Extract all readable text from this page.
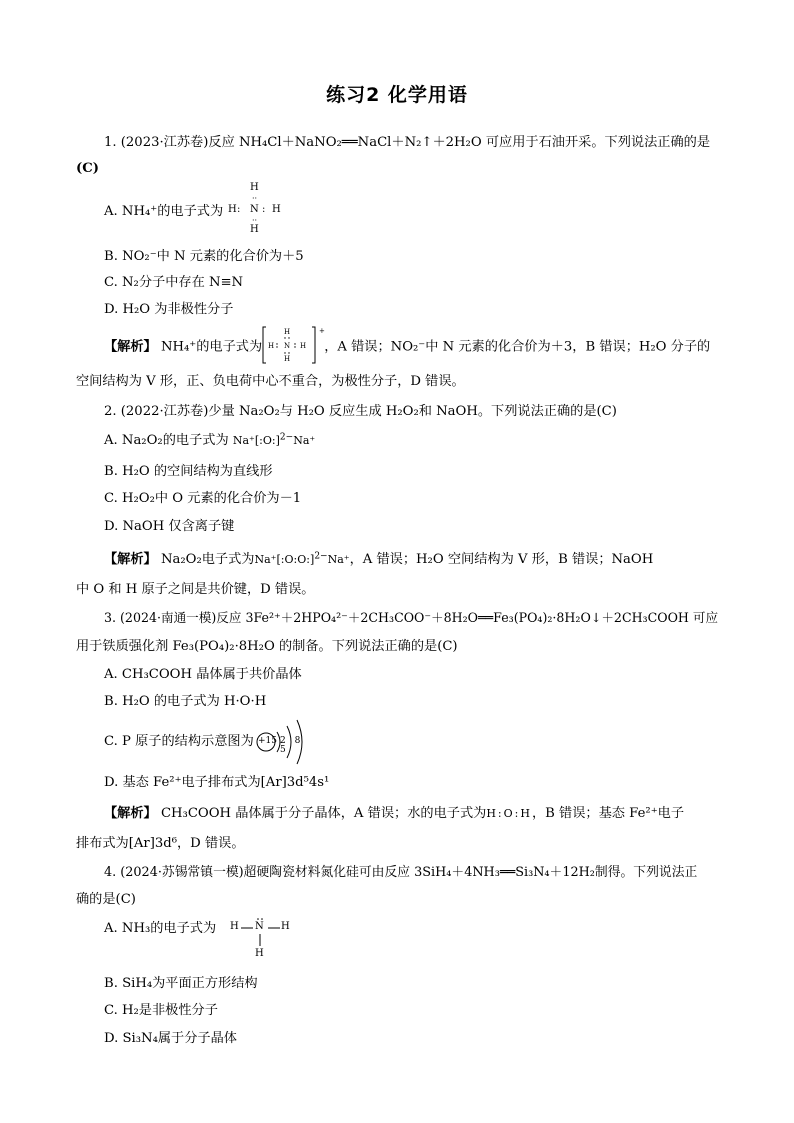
练习2 化学用语
1. (2023·江苏卷)反应 NH₄Cl＋NaNO₂══NaCl＋N₂↑＋2H₂O 可应用于石油开采。下列说法正确的是
(C)
A. NH₄⁺的电子式为
H
H : N : H
H
··
··
B. NO₂⁻中 N 元素的化合价为＋5
C. N₂分子中存在 N≡N
D. H₂O 为非极性分子
【解析】 NH₄⁺的电子式为
+
H
H N H
H
，A 错误；NO₂⁻中 N 元素的化合价为＋3，B 错误；H₂O 分子的
空间结构为 V 形，正、负电荷中心不重合，为极性分子，D 错误。
2. (2022·江苏卷)少量 Na₂O₂与 H₂O 反应生成 H₂O₂和 NaOH。下列说法正确的是(C)
A. Na₂O₂的电子式为 Na⁺[:O:]$^{2-}$Na⁺
B. H₂O 的空间结构为直线形
C. H₂O₂中 O 元素的化合价为－1
D. NaOH 仅含离子键
【解析】 Na₂O₂电子式为Na⁺[:O:O:]$^{2-}$Na⁺，A 错误；H₂O 空间结构为 V 形，B 错误；NaOH
中 O 和 H 原子之间是共价键，D 错误。
3. (2024·南通一模)反应 3Fe²⁺＋2HPO₄²⁻＋2CH₃COO⁻＋8H₂O══Fe₃(PO₄)₂·8H₂O↓＋2CH₃COOH 可应
用于铁质强化剂 Fe₃(PO₄)₂·8H₂O 的制备。下列说法正确的是(C)
A. CH₃COOH 晶体属于共价晶体
B. H₂O 的电子式为 H·O·H
C. P 原子的结构示意图为 +15 2 8 5
D. 基态 Fe²⁺电子排布式为[Ar]3d⁵4s¹
【解析】 CH₃COOH 晶体属于分子晶体，A 错误；水的电子式为H:O:H，B 错误；基态 Fe²⁺电子
排布式为[Ar]3d⁶，D 错误。
4. (2024·苏锡常镇一模)超硬陶瓷材料氮化硅可由反应 3SiH₄＋4NH₃══Si₃N₄＋12H₂制得。下列说法正
确的是(C)
A. NH₃的电子式为 H N H
H
B. SiH₄为平面正方形结构
C. H₂是非极性分子
D. Si₃N₄属于分子晶体
